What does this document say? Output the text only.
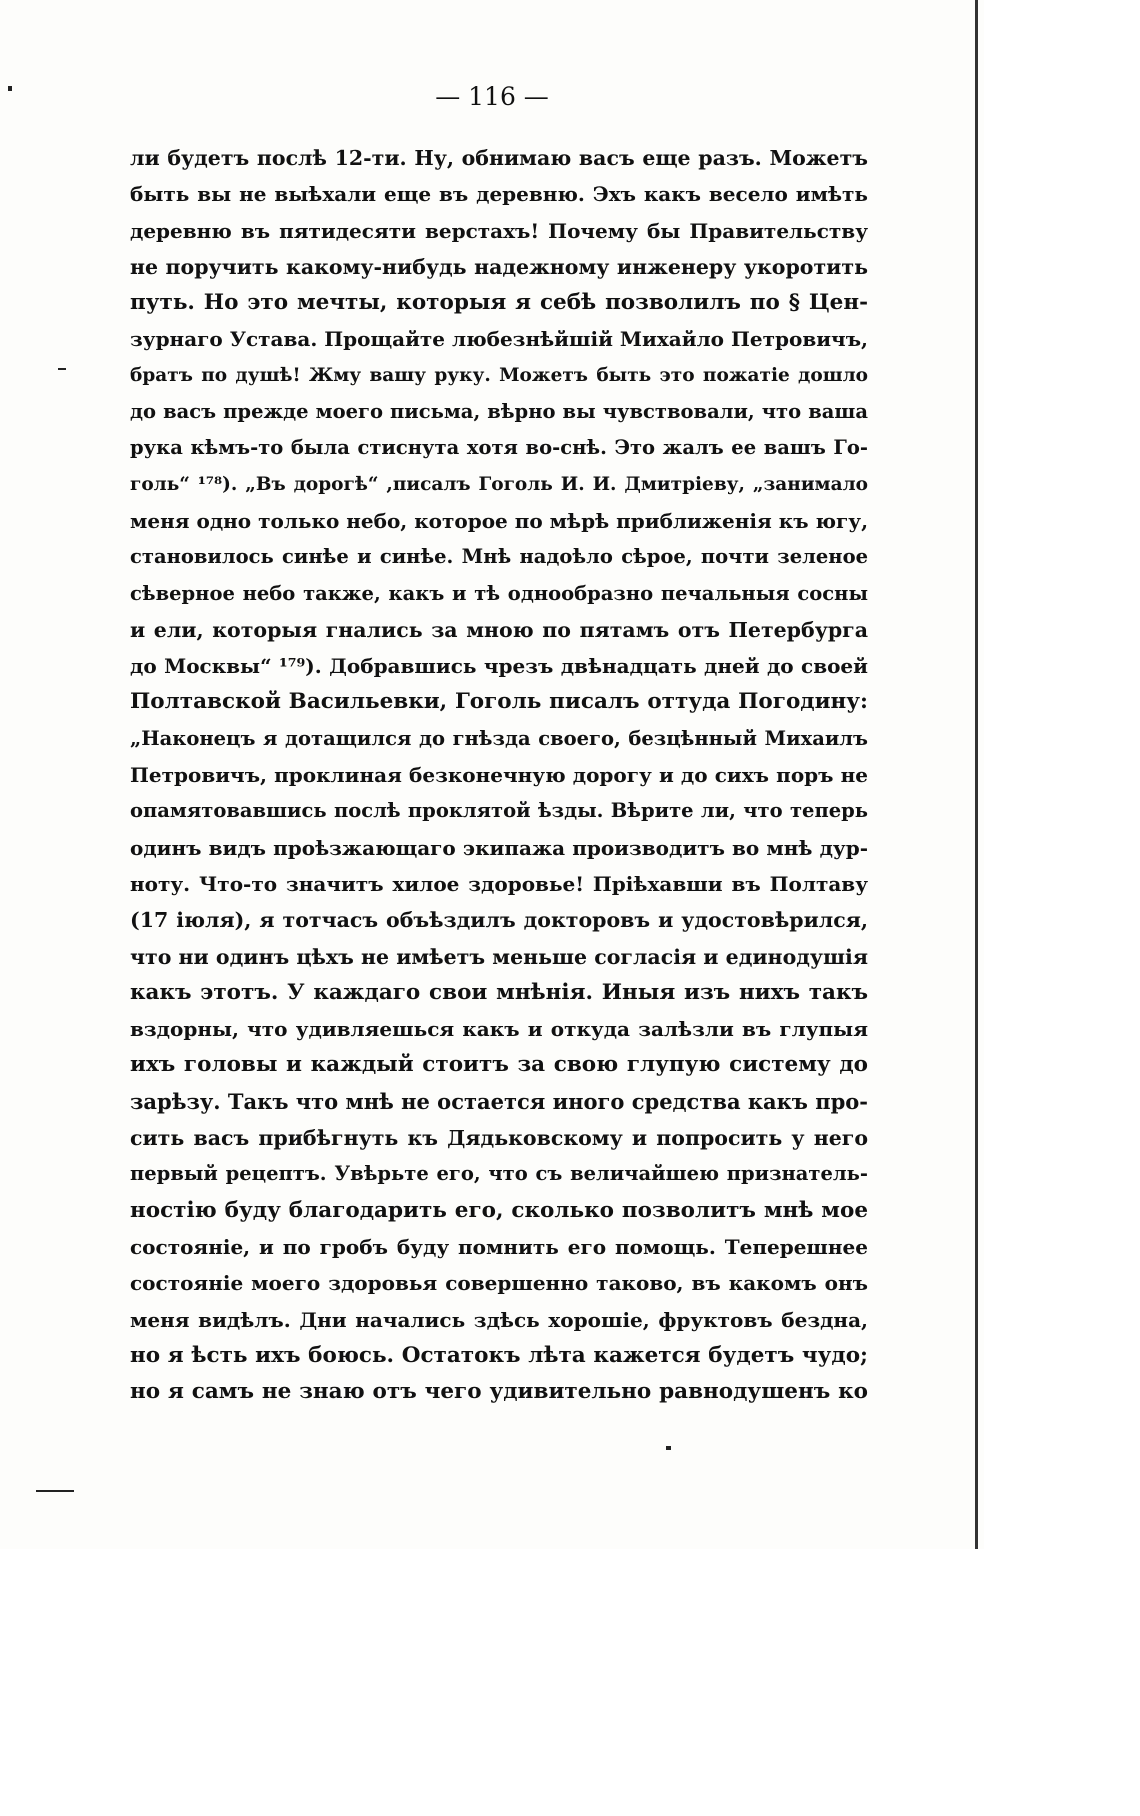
— 116 —
ли будетъ послѣ 12-ти. Ну, обнимаю васъ еще разъ. Можетъ
быть вы не выѣхали еще въ деревню. Эхъ какъ весело имѣть
деревню въ пятидесяти верстахъ! Почему бы Правительству
не поручить какому-нибудь надежному инженеру укоротить
путь. Но это мечты, которыя я себѣ позволилъ по § Цен-
зурнаго Устава. Прощайте любезнѣйшій Михайло Петровичъ,
братъ по душѣ! Жму вашу руку. Можетъ быть это пожатіе дошло
до васъ прежде моего письма, вѣрно вы чувствовали, что ваша
рука кѣмъ-то была стиснута хотя во-снѣ. Это жалъ ее вашъ Го-
голь“ ¹⁷⁸). „Въ дорогѣ“ ,писалъ Гоголь И. И. Дмитріеву, „занимало
меня одно только небо, которое по мѣрѣ приближенія къ югу,
становилось синѣе и синѣе. Мнѣ надоѣло сѣрое, почти зеленое
сѣверное небо также, какъ и тѣ однообразно печальныя сосны
и ели, которыя гнались за мною по пятамъ отъ Петербурга
до Москвы“ ¹⁷⁹). Добравшись чрезъ двѣнадцать дней до своей
Полтавской Васильевки, Гоголь писалъ оттуда Погодину:
„Наконецъ я дотащился до гнѣзда своего, безцѣнный Михаилъ
Петровичъ, проклиная безконечную дорогу и до сихъ поръ не
опамятовавшись послѣ проклятой ѣзды. Вѣрите ли, что теперь
одинъ видъ проѣзжающаго экипажа производитъ во мнѣ дур-
ноту. Что-то значитъ хилое здоровье! Пріѣхавши въ Полтаву
(17 іюля), я тотчасъ объѣздилъ докторовъ и удостовѣрился,
что ни одинъ цѣхъ не имѣетъ меньше согласія и единодушія
какъ этотъ. У каждаго свои мнѣнія. Иныя изъ нихъ такъ
вздорны, что удивляешься какъ и откуда залѣзли въ глупыя
ихъ головы и каждый стоитъ за свою глупую систему до
зарѣзу. Такъ что мнѣ не остается иного средства какъ про-
сить васъ прибѣгнуть къ Дядьковскому и попросить у него
первый рецептъ. Увѣрьте его, что съ величайшею признатель-
ностію буду благодарить его, сколько позволитъ мнѣ мое
состояніе, и по гробъ буду помнить его помощь. Теперешнее
состояніе моего здоровья совершенно таково, въ какомъ онъ
меня видѣлъ. Дни начались здѣсь хорошіе, фруктовъ бездна,
но я ѣсть ихъ боюсь. Остатокъ лѣта кажется будетъ чудо;
но я самъ не знаю отъ чего удивительно равнодушенъ ко
